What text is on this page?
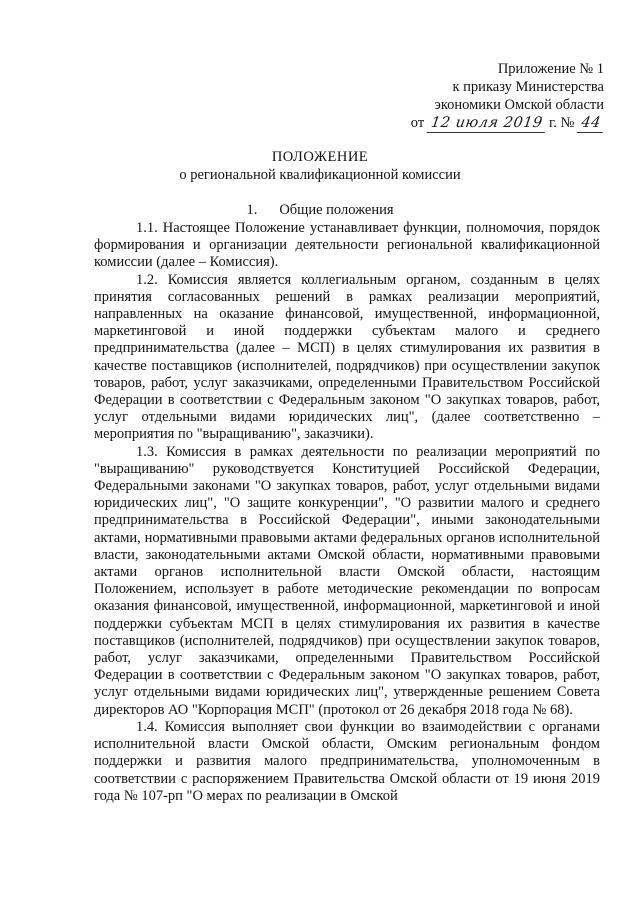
Приложение № 1
к приказу Министерства
экономики Омской области
от 12 июля 2019 г. № 44
ПОЛОЖЕНИЕ
о региональной квалификационной комиссии
1. Общие положения

1.1. Настоящее Положение устанавливает функции, полномочия, порядок формирования и организации деятельности региональной квалификационной комиссии (далее – Комиссия).

1.2. Комиссия является коллегиальным органом, созданным в целях принятия согласованных решений в рамках реализации мероприятий, направленных на оказание финансовой, имущественной, информационной, маркетинговой и иной поддержки субъектам малого и среднего предпринимательства (далее – МСП) в целях стимулирования их развития в качестве поставщиков (исполнителей, подрядчиков) при осуществлении закупок товаров, работ, услуг заказчиками, определенными Правительством Российской Федерации в соответствии с Федеральным законом "О закупках товаров, работ, услуг отдельными видами юридических лиц", (далее соответственно – мероприятия по "выращиванию", заказчики).

1.3. Комиссия в рамках деятельности по реализации мероприятий по "выращиванию" руководствуется Конституцией Российской Федерации, Федеральными законами "О закупках товаров, работ, услуг отдельными видами юридических лиц", "О защите конкуренции", "О развитии малого и среднего предпринимательства в Российской Федерации", иными законодательными актами, нормативными правовыми актами федеральных органов исполнительной власти, законодательными актами Омской области, нормативными правовыми актами органов исполнительной власти Омской области, настоящим Положением, использует в работе методические рекомендации по вопросам оказания финансовой, имущественной, информационной, маркетинговой и иной поддержки субъектам МСП в целях стимулирования их развития в качестве поставщиков (исполнителей, подрядчиков) при осуществлении закупок товаров, работ, услуг заказчиками, определенными Правительством Российской Федерации в соответствии с Федеральным законом "О закупках товаров, работ, услуг отдельными видами юридических лиц", утвержденные решением Совета директоров АО "Корпорация МСП" (протокол от 26 декабря 2018 года № 68).

1.4. Комиссия выполняет свои функции во взаимодействии с органами исполнительной власти Омской области, Омским региональным фондом поддержки и развития малого предпринимательства, уполномоченным в соответствии с распоряжением Правительства Омской области от 19 июня 2019 года № 107-рп "О мерах по реализации в Омской
